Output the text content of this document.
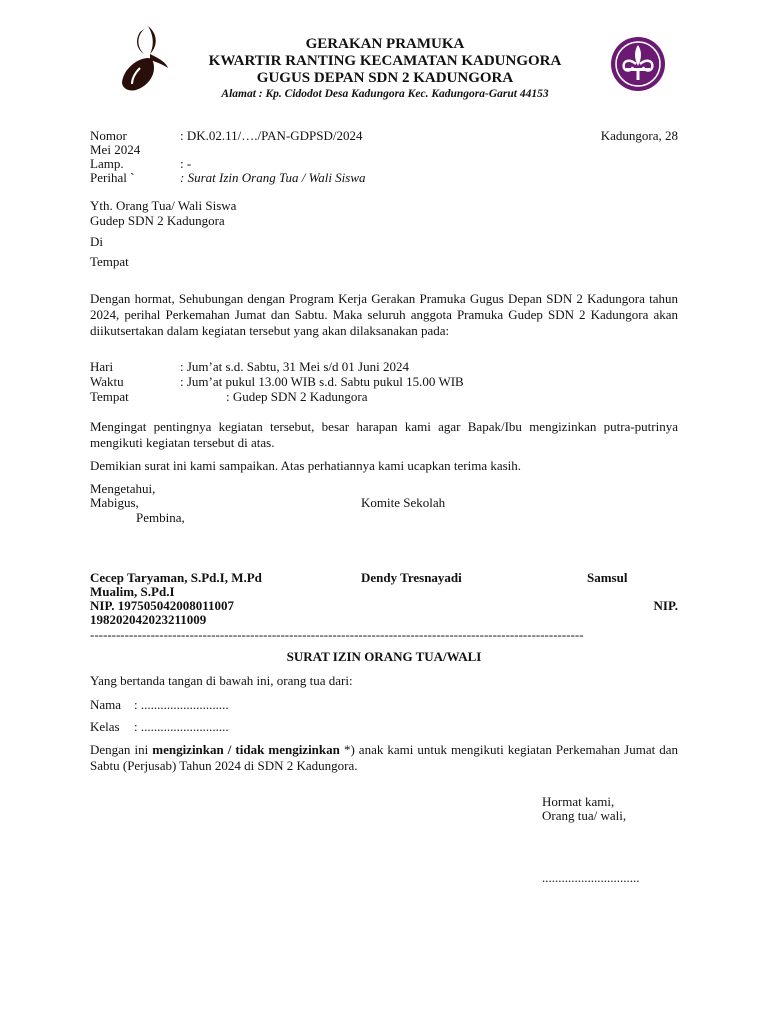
GERAKAN PRAMUKA
KWARTIR RANTING KECAMATAN KADUNGORA
GUGUS DEPAN SDN 2 KADUNGORA
Alamat : Kp. Cidodot Desa Kadungora Kec. Kadungora-Garut 44153
Nomor	: DK.02.11/…./PAN-GDPSD/2024	Kadungora, 28
Mei 2024
Lamp.	: -
Perihal `	: Surat Izin Orang Tua / Wali Siswa
Yth. Orang Tua/ Wali Siswa
Gudep SDN 2 Kadungora
Di
Tempat
Dengan hormat, Sehubungan dengan Program Kerja Gerakan Pramuka Gugus Depan SDN 2 Kadungora tahun 2024, perihal Perkemahan Jumat dan Sabtu. Maka seluruh anggota Pramuka Gudep SDN 2 Kadungora akan diikutsertakan dalam kegiatan tersebut yang akan dilaksanakan pada:
Hari	: Jum’at s.d. Sabtu, 31 Mei s/d 01 Juni 2024
Waktu	: Jum’at pukul 13.00 WIB s.d. Sabtu pukul 15.00 WIB
Tempat	: Gudep SDN 2 Kadungora
Mengingat pentingnya kegiatan tersebut, besar harapan kami agar Bapak/Ibu mengizinkan putra-putrinya mengikuti kegiatan tersebut di atas.
Demikian surat ini kami sampaikan. Atas perhatiannya kami ucapkan terima kasih.
Mengetahui,
Mabigus,	Komite Sekolah
Pembina,
Cecep Taryaman, S.Pd.I, M.Pd	Dendy Tresnayadi	Samsul
Mualim, S.Pd.I
NIP. 197505042008011007	NIP.
198202042023211009
------------------------------------------------------------------------------------------------------------------
SURAT IZIN ORANG TUA/WALI
Yang bertanda tangan di bawah ini, orang tua dari:
Nama : ...........................
Kelas : ...........................
Dengan ini mengizinkan / tidak mengizinkan *) anak kami untuk mengikuti kegiatan Perkemahan Jumat dan Sabtu (Perjusab) Tahun 2024 di SDN 2 Kadungora.
Hormat kami,
Orang tua/ wali,
..............................
